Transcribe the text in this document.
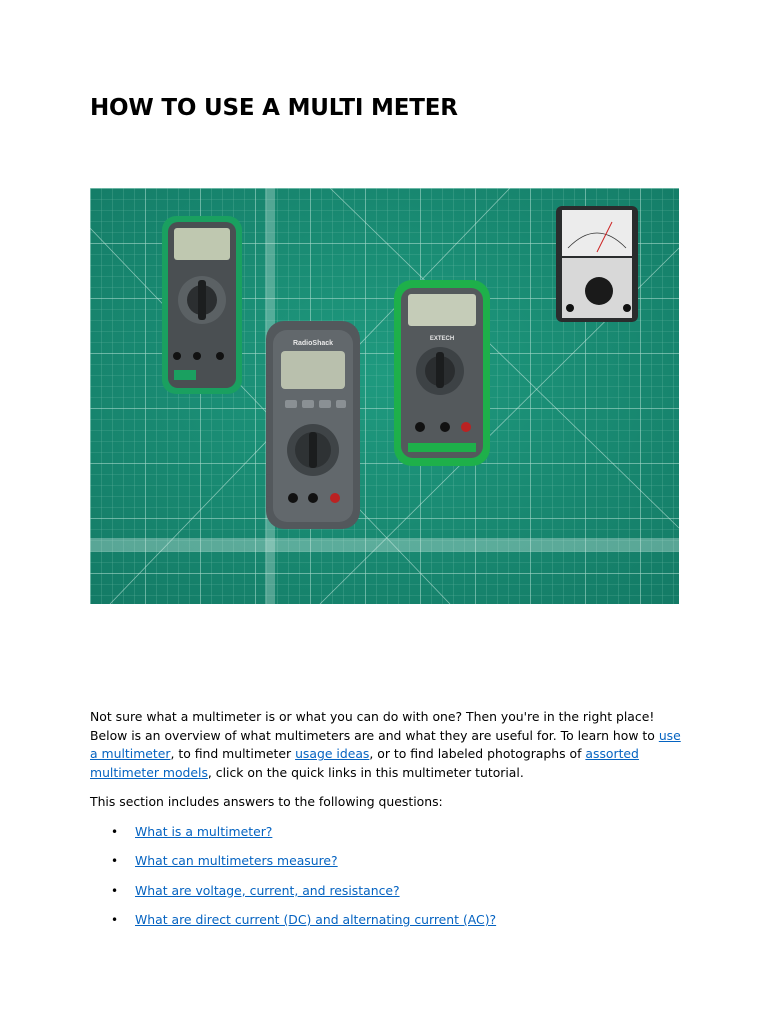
HOW TO USE A MULTI METER
RadioShack
EXTECH

Not sure what a multimeter is or what you can do with one? Then you're in the right place! Below is an overview of what multimeters are and what they are useful for. To learn how to use a multimeter, to find multimeter usage ideas, or to find labeled photographs of assorted multimeter models, click on the quick links in this multimeter tutorial.

This section includes answers to the following questions:

• What is a multimeter?
• What can multimeters measure?
• What are voltage, current, and resistance?
• What are direct current (DC) and alternating current (AC)?
